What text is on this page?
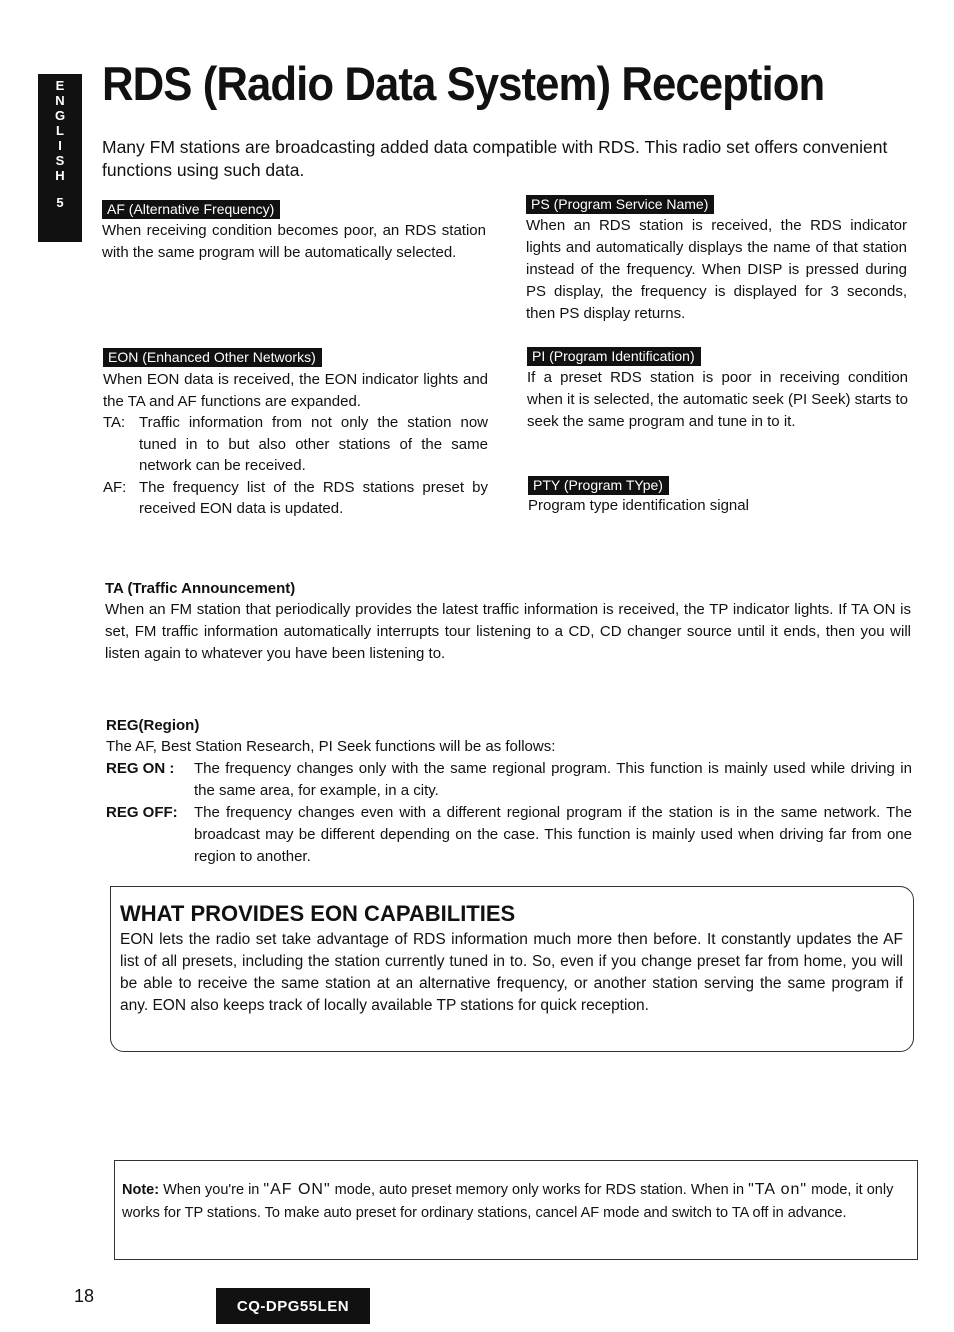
E
N
G
L
I
S
H
5
RDS (Radio Data System) Reception

Many FM stations are broadcasting added data compatible with RDS. This radio set offers convenient functions using such data.

AF (Alternative Frequency)

When receiving condition becomes poor, an RDS station with the same program will be automatically selected.

PS (Program Service Name)

When an RDS station is received, the RDS indicator lights and automatically displays the name of that station instead of the frequency. When DISP is pressed during PS display, the frequency is displayed for 3 seconds, then PS display returns.

EON (Enhanced Other Networks)

When EON data is received, the EON indicator lights and the TA and AF functions are expanded.

TA: Traffic information from not only the station now tuned in to but also other stations of the same network can be received.
AF: The frequency list of the RDS stations preset by received EON data is updated.
PI (Program Identification)

If a preset RDS station is poor in receiving condition when it is selected, the automatic seek (PI Seek) starts to seek the same program and tune in to it.

PTY (Program TYpe)

Program type identification signal

TA (Traffic Announcement)

When an FM station that periodically provides the latest traffic information is received, the TP indicator lights. If TA ON is set, FM traffic information automatically interrupts tour listening to a CD, CD changer source until it ends, then you will listen again to whatever you have been listening to.

REG(Region)

The AF, Best Station Research, PI Seek functions will be as follows:

REG ON :	The frequency changes only with the same regional program. This function is mainly used while driving in the same area, for example, in a city.
REG OFF:	The frequency changes even with a different regional program if the station is in the same network. The broadcast may be different depending on the case. This function is mainly used when driving far from one region to another.
WHAT PROVIDES EON CAPABILITIES

EON lets the radio set take advantage of RDS information much more then before. It constantly updates the AF list of all presets, including the station currently tuned in to. So, even if you change preset far from home, you will be able to receive the same station at an alternative frequency, or another station serving the same program if any. EON also keeps track of locally available TP stations for quick reception.

Note: When you're in "AF ON" mode, auto preset memory only works for RDS station. When in "TA on" mode, it only works for TP stations. To make auto preset for ordinary stations, cancel AF mode and switch to TA off in advance.
18	CQ-DPG55LEN
